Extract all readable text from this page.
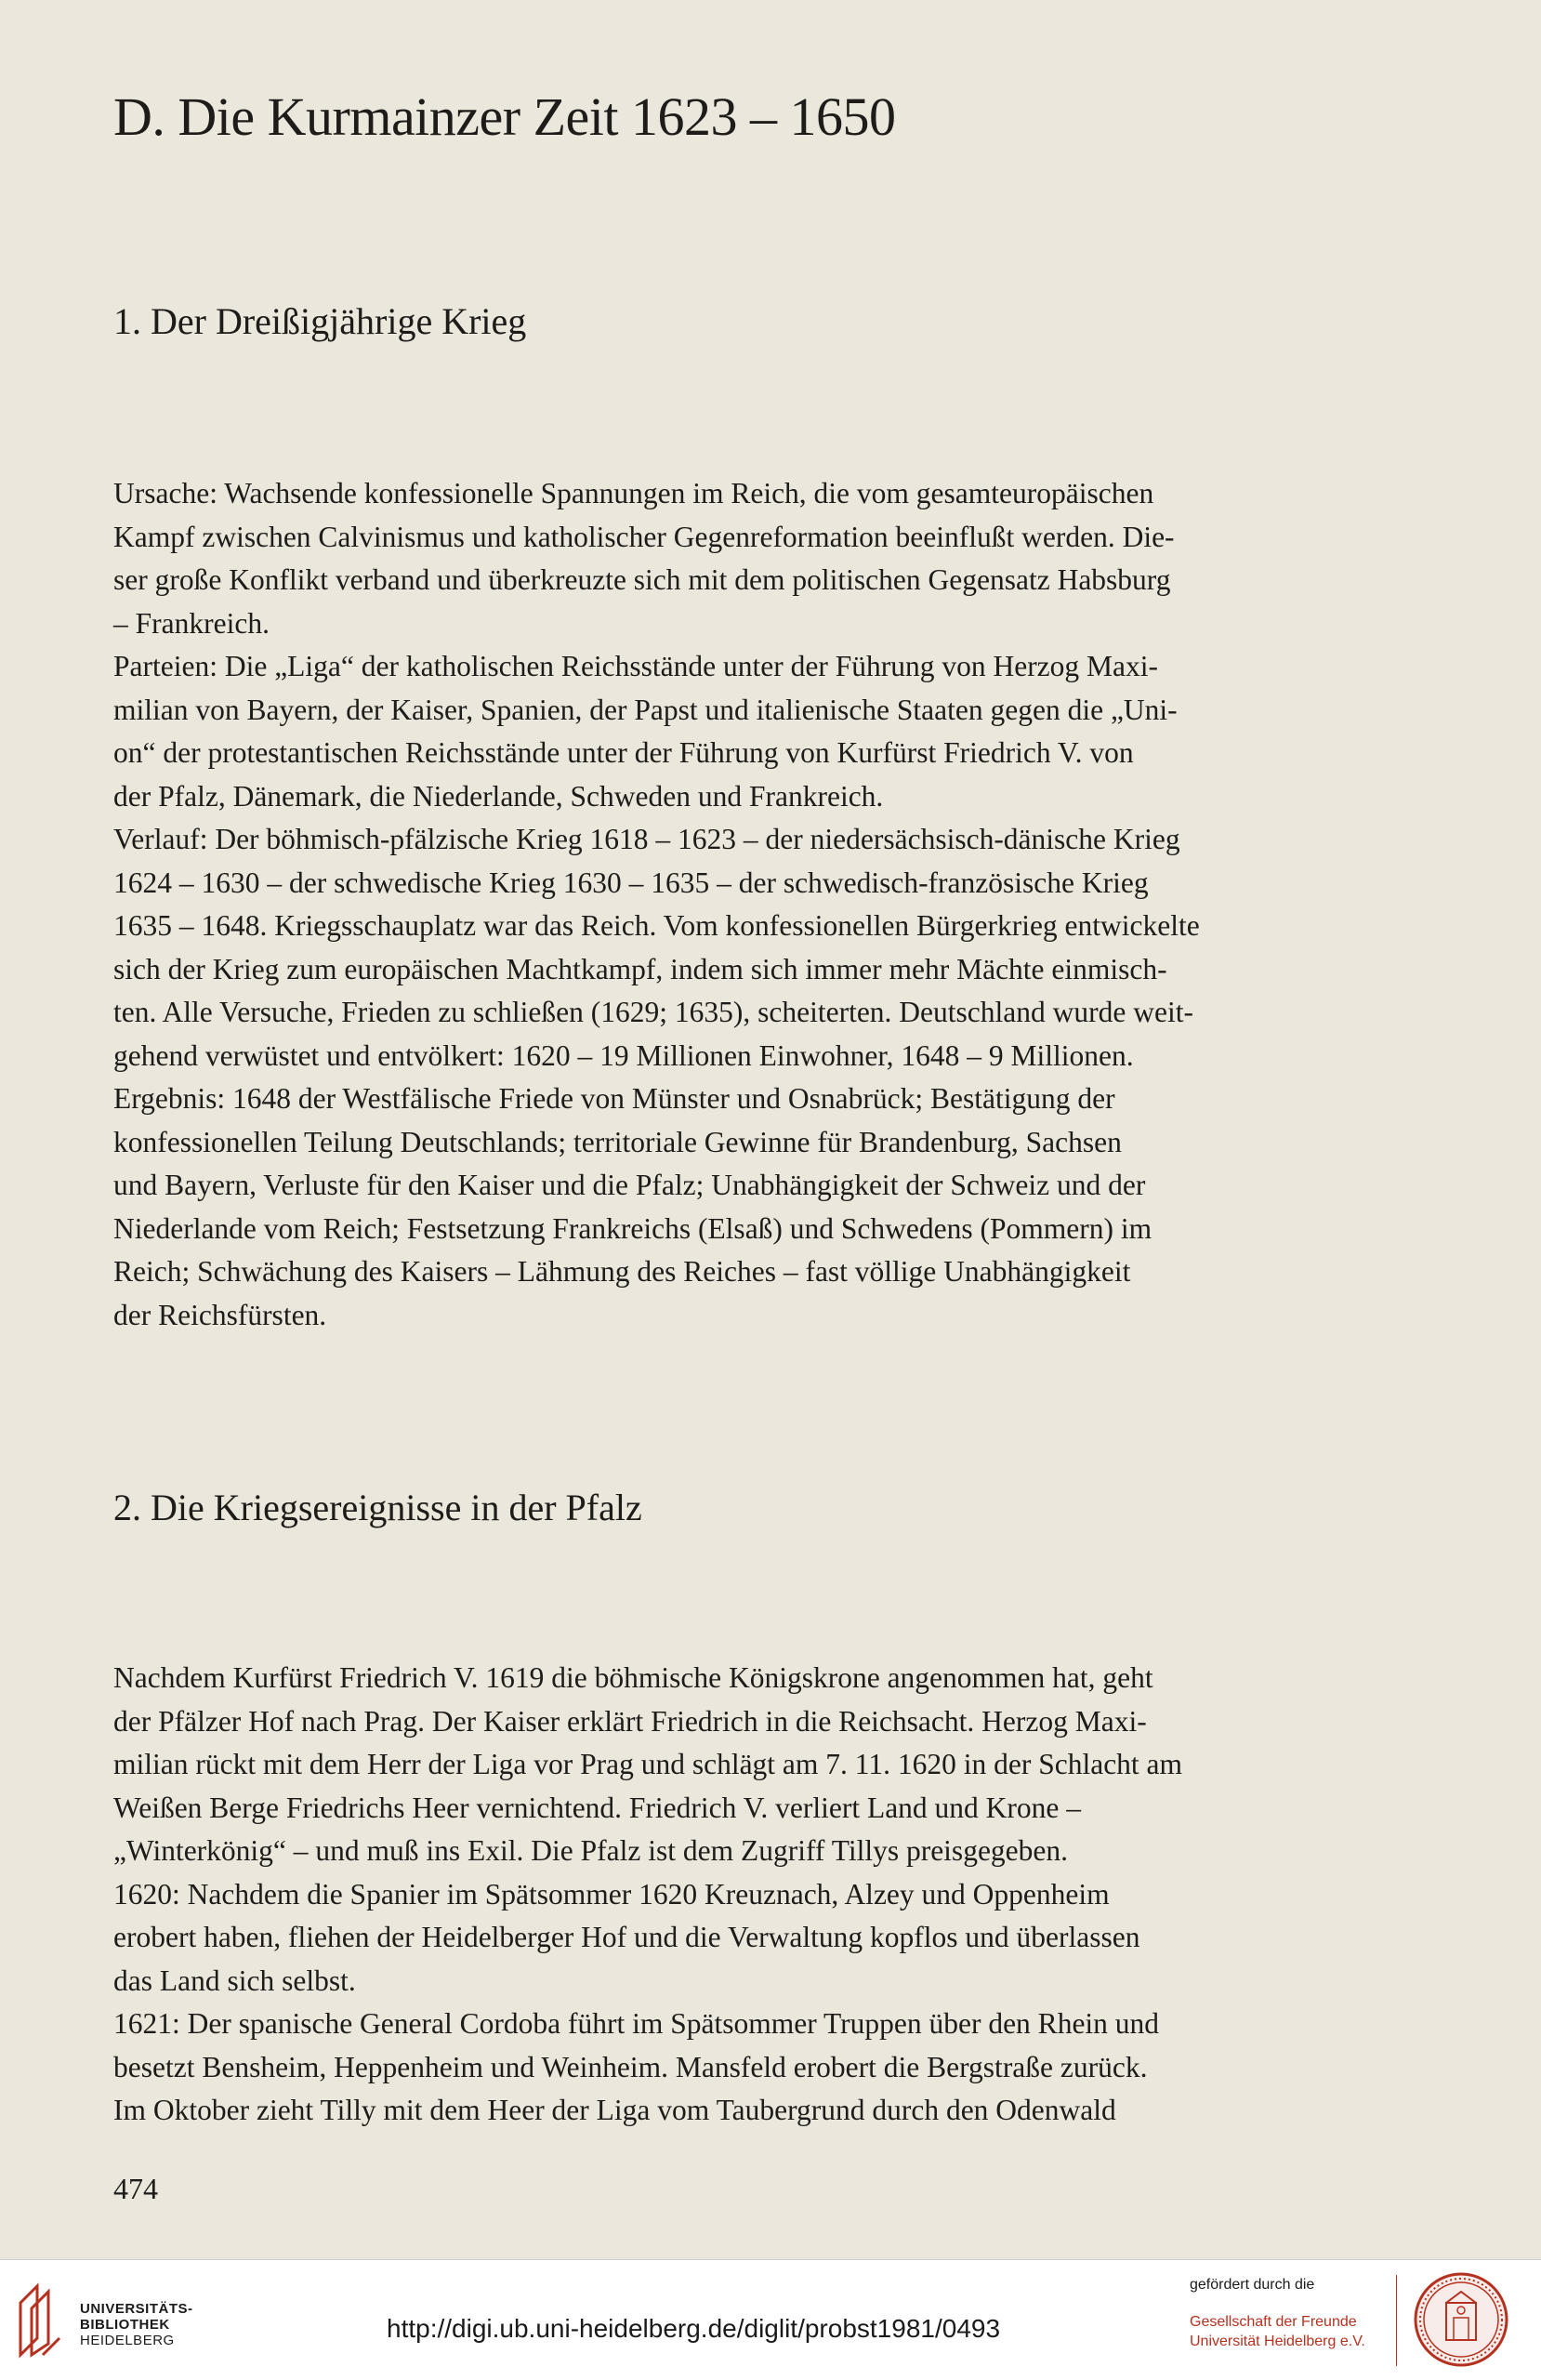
D. Die Kurmainzer Zeit 1623 – 1650
1. Der Dreißigjährige Krieg

Ursache: Wachsende konfessionelle Spannungen im Reich, die vom gesamteuropäischen

Kampf zwischen Calvinismus und katholischer Gegenreformation beeinflußt werden. Die-

ser große Konflikt verband und überkreuzte sich mit dem politischen Gegensatz Habsburg

– Frankreich.

Parteien: Die „Liga“ der katholischen Reichsstände unter der Führung von Herzog Maxi-

milian von Bayern, der Kaiser, Spanien, der Papst und italienische Staaten gegen die „Uni-

on“ der protestantischen Reichsstände unter der Führung von Kurfürst Friedrich V. von

der Pfalz, Dänemark, die Niederlande, Schweden und Frankreich.

Verlauf: Der böhmisch-pfälzische Krieg 1618 – 1623 – der niedersächsisch-dänische Krieg

1624 – 1630 – der schwedische Krieg 1630 – 1635 – der schwedisch-französische Krieg

1635 – 1648. Kriegsschauplatz war das Reich. Vom konfessionellen Bürgerkrieg entwickelte

sich der Krieg zum europäischen Machtkampf, indem sich immer mehr Mächte einmisch-

ten. Alle Versuche, Frieden zu schließen (1629; 1635), scheiterten. Deutschland wurde weit-

gehend verwüstet und entvölkert: 1620 – 19 Millionen Einwohner, 1648 – 9 Millionen.

Ergebnis: 1648 der Westfälische Friede von Münster und Osnabrück; Bestätigung der

konfessionellen Teilung Deutschlands; territoriale Gewinne für Brandenburg, Sachsen

und Bayern, Verluste für den Kaiser und die Pfalz; Unabhängigkeit der Schweiz und der

Niederlande vom Reich; Festsetzung Frankreichs (Elsaß) und Schwedens (Pommern) im

Reich; Schwächung des Kaisers – Lähmung des Reiches – fast völlige Unabhängigkeit

der Reichsfürsten.

2. Die Kriegsereignisse in der Pfalz

Nachdem Kurfürst Friedrich V. 1619 die böhmische Königskrone angenommen hat, geht

der Pfälzer Hof nach Prag. Der Kaiser erklärt Friedrich in die Reichsacht. Herzog Maxi-

milian rückt mit dem Herr der Liga vor Prag und schlägt am 7. 11. 1620 in der Schlacht am

Weißen Berge Friedrichs Heer vernichtend. Friedrich V. verliert Land und Krone –

„Winterkönig“ – und muß ins Exil. Die Pfalz ist dem Zugriff Tillys preisgegeben.

1620: Nachdem die Spanier im Spätsommer 1620 Kreuznach, Alzey und Oppenheim

erobert haben, fliehen der Heidelberger Hof und die Verwaltung kopflos und überlassen

das Land sich selbst.

1621: Der spanische General Cordoba führt im Spätsommer Truppen über den Rhein und

besetzt Bensheim, Heppenheim und Weinheim. Mansfeld erobert die Bergstraße zurück.

Im Oktober zieht Tilly mit dem Heer der Liga vom Taubergrund durch den Odenwald

474
UNIVERSITÄTS-
BIBLIOTHEK
HEIDELBERG	http://digi.ub.uni-heidelberg.de/diglit/probst1981/0493
gefördert durch die
Gesellschaft der Freunde
Universität Heidelberg e.V.
